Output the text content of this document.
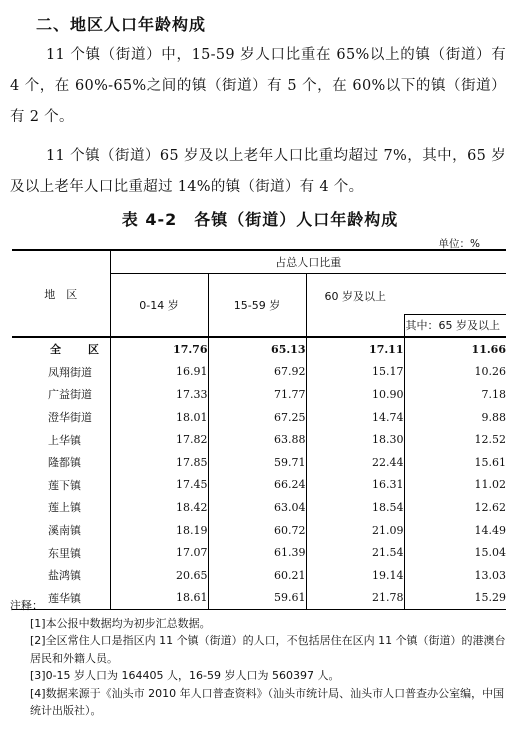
二、地区人口年龄构成
11 个镇（街道）中，15-59 岁人口比重在 65%以上的镇（街道）有 4 个，在 60%-65%之间的镇（街道）有 5 个，在 60%以下的镇（街道）有 2 个。
11 个镇（街道）65 岁及以上老年人口比重均超过 7%，其中，65 岁及以上老年人口比重超过 14%的镇（街道）有 4 个。
表 4-2　各镇（街道）人口年龄构成
单位：%
地　区	占总人口比重			
	0-14 岁	15-59 岁	60 岁及以上	其中：65 岁及以上

全　区	17.76	65.13	17.11	11.66
凤翔街道	16.91	67.92	15.17	10.26
广益街道	17.33	71.77	10.90	7.18
澄华街道	18.01	67.25	14.74	9.88
上华镇	17.82	63.88	18.30	12.52
隆都镇	17.85	59.71	22.44	15.61
莲下镇	17.45	66.24	16.31	11.02
莲上镇	18.42	63.04	18.54	12.62
溪南镇	18.19	60.72	21.09	14.49
东里镇	17.07	61.39	21.54	15.04
盐鸿镇	20.65	60.21	19.14	13.03
莲华镇	18.61	59.61	21.78	15.29
注释：
[1]本公报中数据均为初步汇总数据。
[2]全区常住人口是指区内 11 个镇（街道）的人口，不包括居住在区内 11 个镇（街道）的港澳台居民和外籍人员。
[3]0-15 岁人口为 164405 人，16-59 岁人口为 560397 人。
[4]数据来源于《汕头市 2010 年人口普查资料》（汕头市统计局、汕头市人口普查办公室编，中国统计出版社）。
